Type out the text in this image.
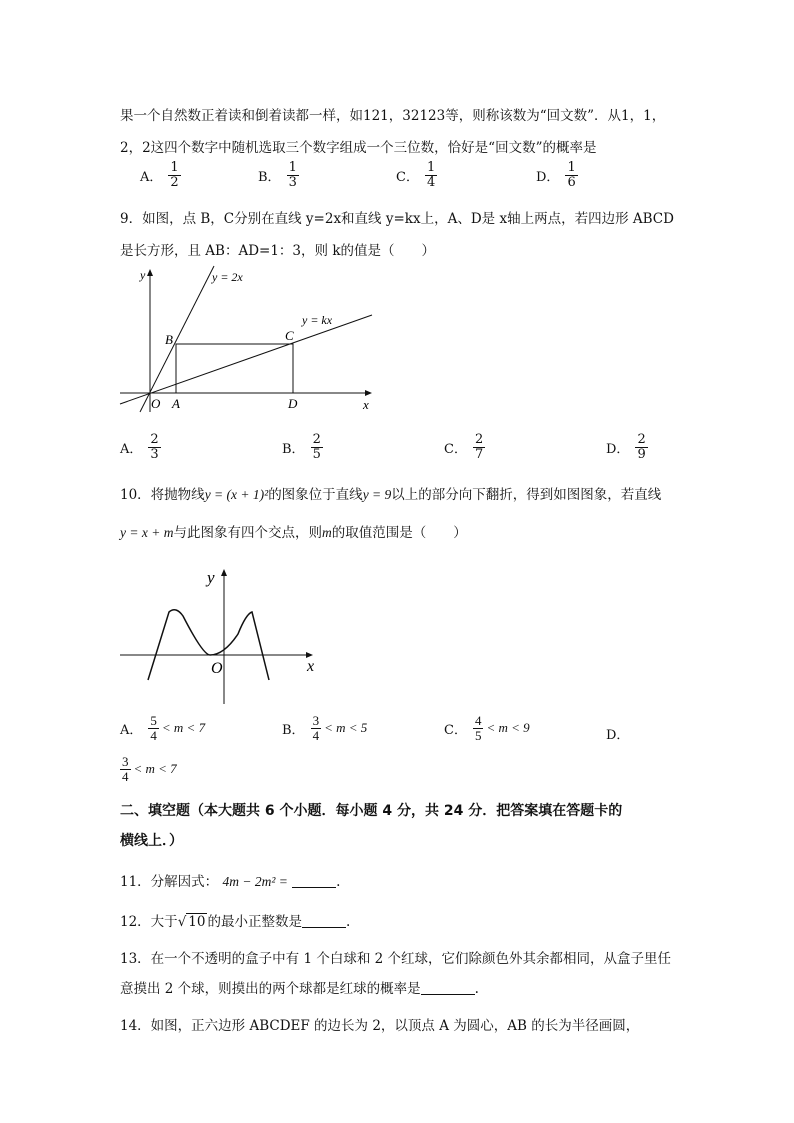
果一个自然数正着读和倒着读都一样，如121，32123等，则称该数为“回文数”．从1，1，
2，2这四个数字中随机选取三个数字组成一个三位数，恰好是“回文数”的概率是
A． $\frac{1}{2}$	B． $\frac{1}{3}$	C． $\frac{1}{4}$	D． $\frac{1}{6}$
9．如图，点 B，C分别在直线 y=2x和直线 y=kx上，A、D是 x轴上两点，若四边形 ABCD
是长方形，且 AB：AD=1：3，则 k的值是（　　）
y
x
O A
B	C
D
y = 2x
y = kx
A． $\frac{2}{3}$	B． $\frac{2}{5}$	C． $\frac{2}{7}$	D． $\frac{2}{9}$
10．将抛物线y = (x + 1)²的图象位于直线y = 9以上的部分向下翻折，得到如图图象，若直线
y = x + m与此图象有四个交点，则m的取值范围是（　　）
y
x
O
A． $\frac{5}{4} < m < 7$	B． $\frac{3}{4} < m < 5$	C． $\frac{4}{5} < m < 9$
D．
$\frac{3}{4} < m < 7$
二、填空题（本大题共 6 个小题．每小题 4 分，共 24 分．把答案填在答题卡的
横线上．）
11．分解因式： 4m − 2m² =	.
12．大于 √ 10 的最小正整数是	.
13．在一个不透明的盒子中有 1 个白球和 2 个红球，它们除颜色外其余都相同，从盒子里任
意摸出 2 个球，则摸出的两个球都是红球的概率是	.
14．如图，正六边形 ABCDEF 的边长为 2，以顶点 A 为圆心，AB 的长为半径画圆，
